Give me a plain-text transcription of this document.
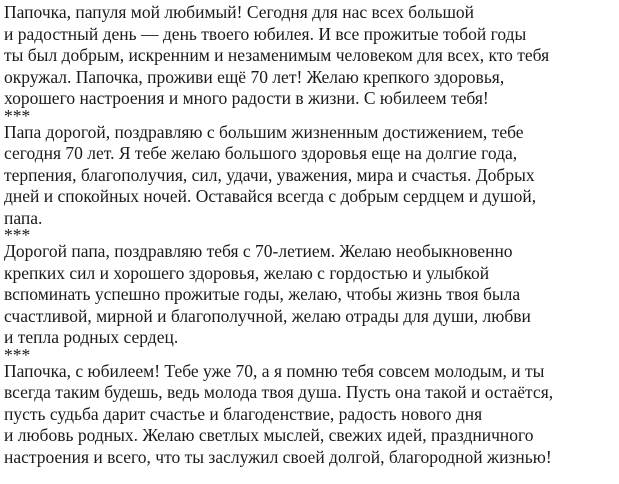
Папочка, папуля мой любимый! Сегодня для нас всех большой
и радостный день — день твоего юбилея. И все прожитые тобой годы
ты был добрым, искренним и незаменимым человеком для всех, кто тебя
окружал. Папочка, проживи ещё 70 лет! Желаю крепкого здоровья,
хорошего настроения и много радости в жизни. С юбилеем тебя!
***
Папа дорогой, поздравляю с большим жизненным достижением, тебе
сегодня 70 лет. Я тебе желаю большого здоровья еще на долгие года,
терпения, благополучия, сил, удачи, уважения, мира и счастья. Добрых
дней и спокойных ночей. Оставайся всегда с добрым сердцем и душой,
папа.
***
Дорогой папа, поздравляю тебя с 70-летием. Желаю необыкновенно
крепких сил и хорошего здоровья, желаю с гордостью и улыбкой
вспоминать успешно прожитые годы, желаю, чтобы жизнь твоя была
счастливой, мирной и благополучной, желаю отрады для души, любви
и тепла родных сердец.
***
Папочка, с юбилеем! Тебе уже 70, а я помню тебя совсем молодым, и ты
всегда таким будешь, ведь молода твоя душа. Пусть она такой и остаётся,
пусть судьба дарит счастье и благоденствие, радость нового дня
и любовь родных. Желаю светлых мыслей, свежих идей, праздничного
настроения и всего, что ты заслужил своей долгой, благородной жизнью!
